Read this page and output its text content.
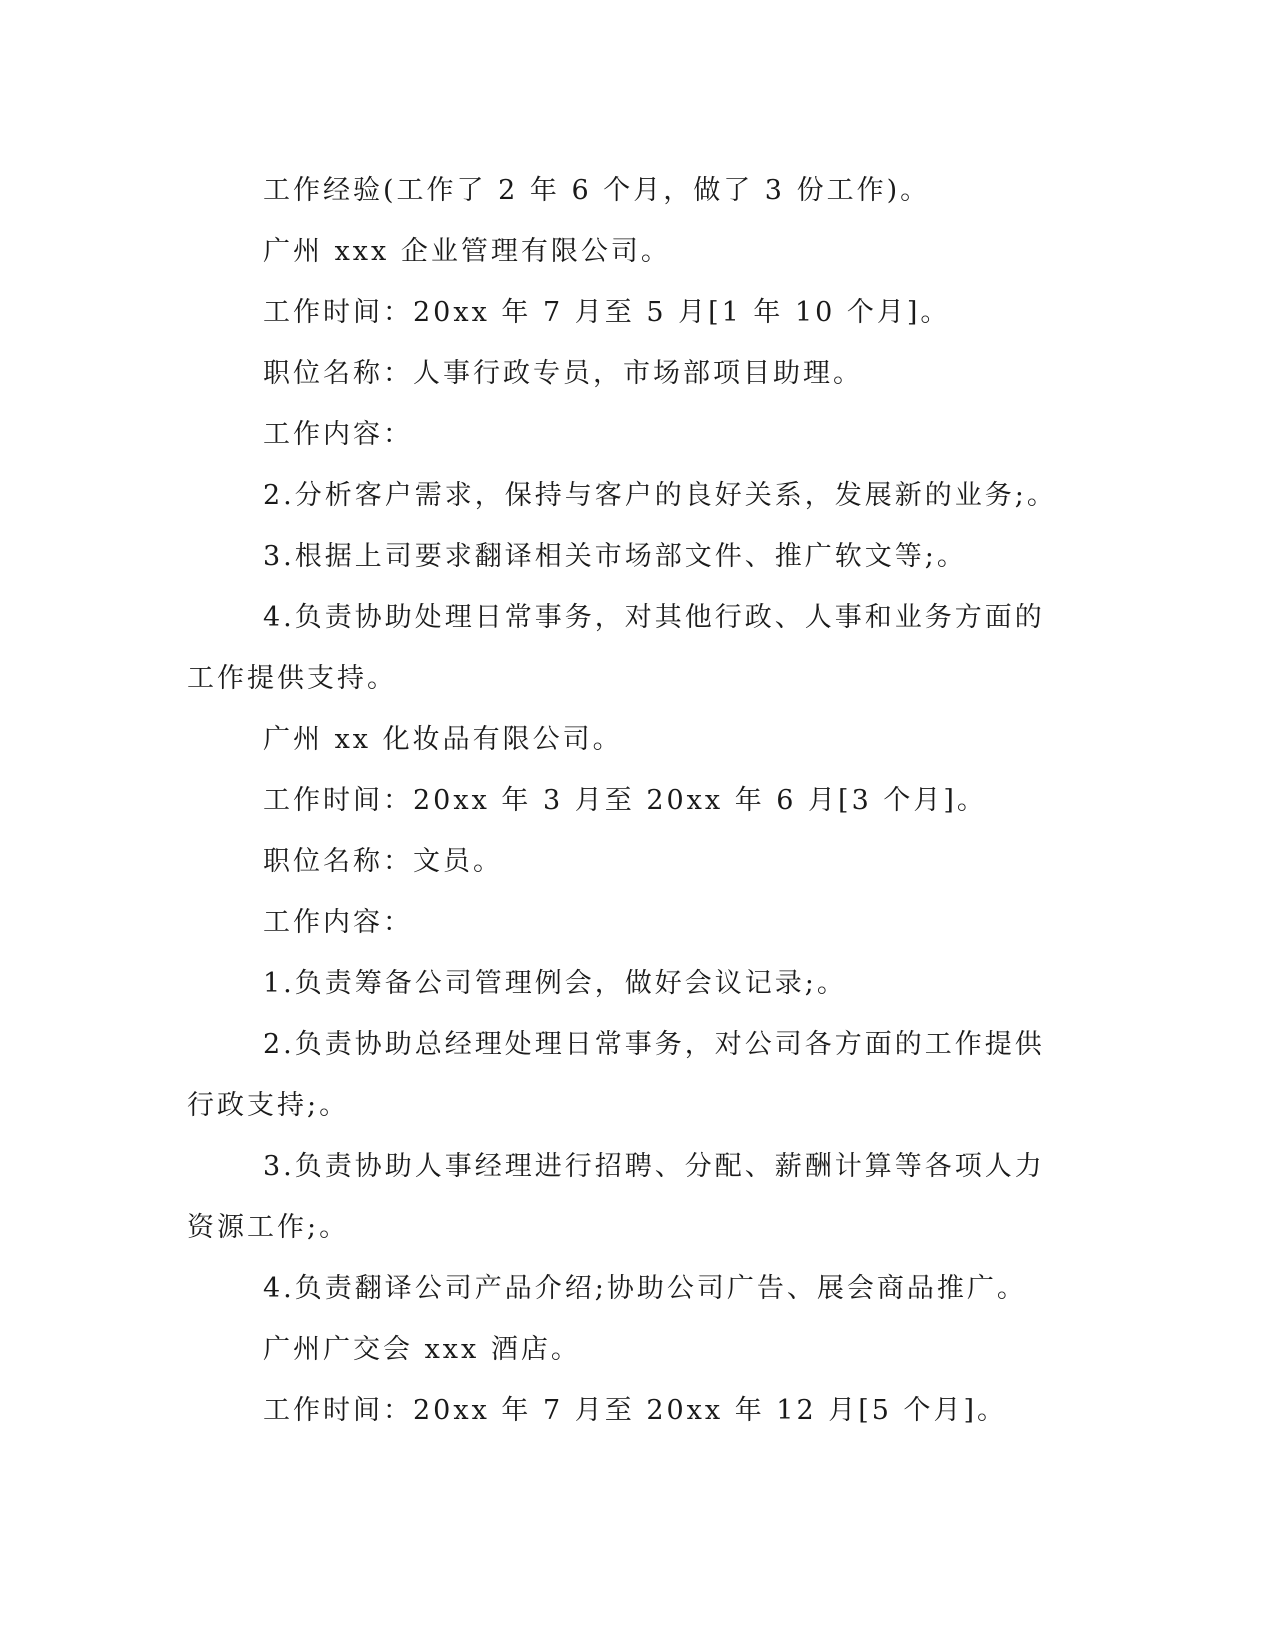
工作经验(工作了 2 年 6 个月，做了 3 份工作)。

广州 xxx 企业管理有限公司。

工作时间：20xx 年 7 月至 5 月[1 年 10 个月]。

职位名称：人事行政专员，市场部项目助理。

工作内容：

2.分析客户需求，保持与客户的良好关系，发展新的业务;。

3.根据上司要求翻译相关市场部文件、推广软文等;。

4.负责协助处理日常事务，对其他行政、人事和业务方面的工作提供支持。

广州 xx 化妆品有限公司。

工作时间：20xx 年 3 月至 20xx 年 6 月[3 个月]。

职位名称：文员。

工作内容：

1.负责筹备公司管理例会，做好会议记录;。

2.负责协助总经理处理日常事务，对公司各方面的工作提供行政支持;。

3.负责协助人事经理进行招聘、分配、薪酬计算等各项人力资源工作;。

4.负责翻译公司产品介绍;协助公司广告、展会商品推广。

广州广交会 xxx 酒店。

工作时间：20xx 年 7 月至 20xx 年 12 月[5 个月]。
